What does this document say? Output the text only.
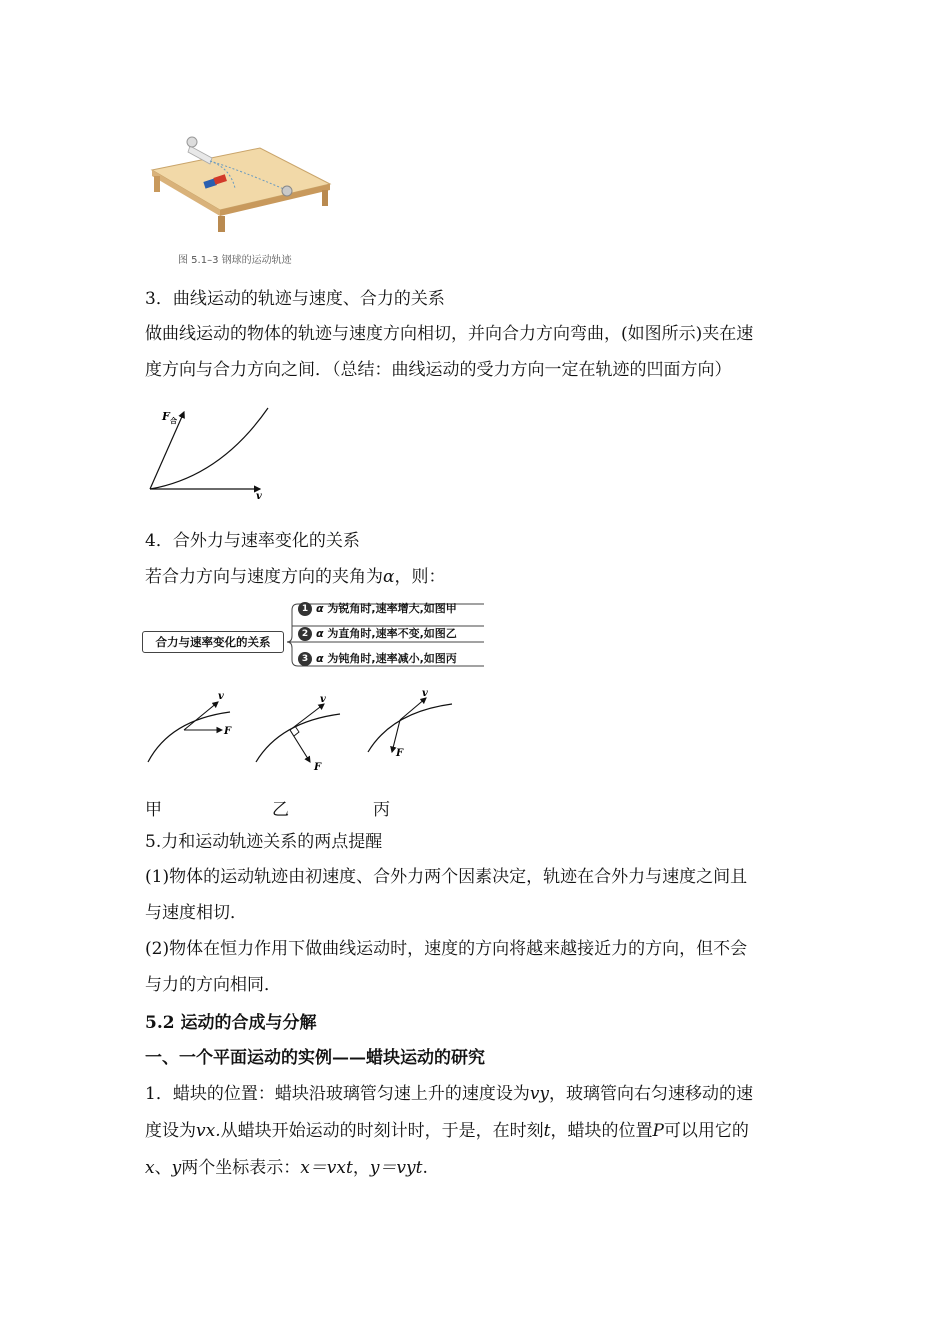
图 5.1–3 钢球的运动轨迹
3．曲线运动的轨迹与速度、合力的关系
做曲线运动的物体的轨迹与速度方向相切，并向合力方向弯曲，(如图所示)夹在速
度方向与合力方向之间．（总结：曲线运动的受力方向一定在轨迹的凹面方向）
F 合
v
4．合外力与速率变化的关系
若合力方向与速度方向的夹角为α，则：
合力与速率变化的关系
1 α 为锐角时,速率增大,如图甲
2 α 为直角时,速率不变,如图乙
3 α 为钝角时,速率减小,如图丙
v
F
v
F
v
F
甲	乙	丙
5.力和运动轨迹关系的两点提醒
(1)物体的运动轨迹由初速度、合外力两个因素决定，轨迹在合外力与速度之间且
与速度相切．
(2)物体在恒力作用下做曲线运动时，速度的方向将越来越接近力的方向，但不会
与力的方向相同．
5.2 运动的合成与分解
一、一个平面运动的实例——蜡块运动的研究
1．蜡块的位置：蜡块沿玻璃管匀速上升的速度设为vy，玻璃管向右匀速移动的速
度设为vx.从蜡块开始运动的时刻计时，于是，在时刻t，蜡块的位置P可以用它的
x、y两个坐标表示：x＝vxt，y＝vyt.
